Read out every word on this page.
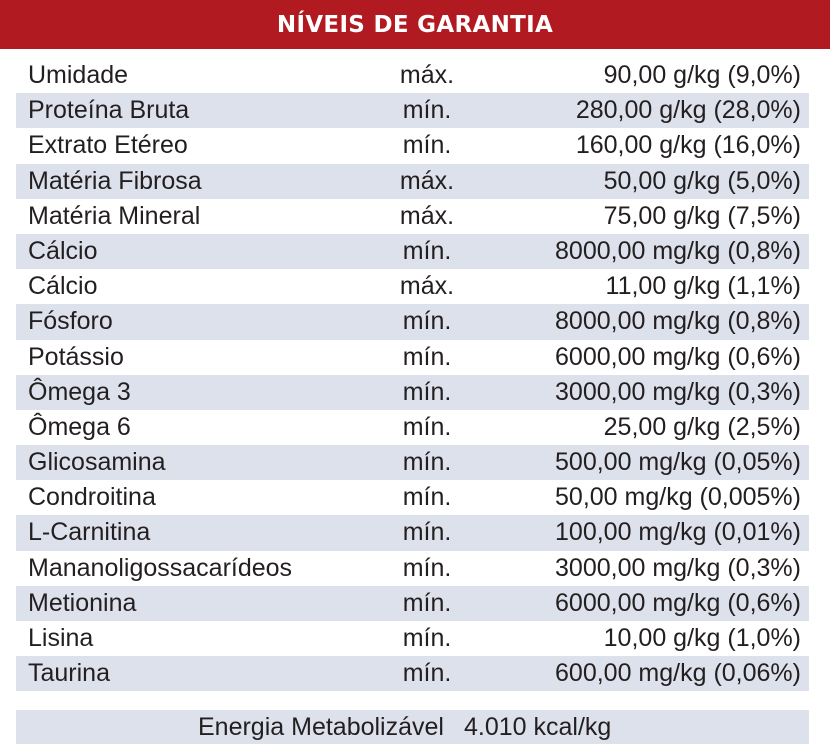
NÍVEIS DE GARANTIA
Umidade	máx.	90,00 g/kg (9,0%)
Proteína Bruta	mín.	280,00 g/kg (28,0%)
Extrato Etéreo	mín.	160,00 g/kg (16,0%)
Matéria Fibrosa	máx.	50,00 g/kg (5,0%)
Matéria Mineral	máx.	75,00 g/kg (7,5%)
Cálcio	mín.	8000,00 mg/kg (0,8%)
Cálcio	máx.	11,00 g/kg (1,1%)
Fósforo	mín.	8000,00 mg/kg (0,8%)
Potássio	mín.	6000,00 mg/kg (0,6%)
Ômega 3	mín.	3000,00 mg/kg (0,3%)
Ômega 6	mín.	25,00 g/kg (2,5%)
Glicosamina	mín.	500,00 mg/kg (0,05%)
Condroitina	mín.	50,00 mg/kg (0,005%)
L-Carnitina	mín.	100,00 mg/kg (0,01%)
Mananoligossacarídeos	mín.	3000,00 mg/kg (0,3%)
Metionina	mín.	6000,00 mg/kg (0,6%)
Lisina	mín.	10,00 g/kg (1,0%)
Taurina	mín.	600,00 mg/kg (0,06%)
Energia Metabolizável 4.010 kcal/kg
